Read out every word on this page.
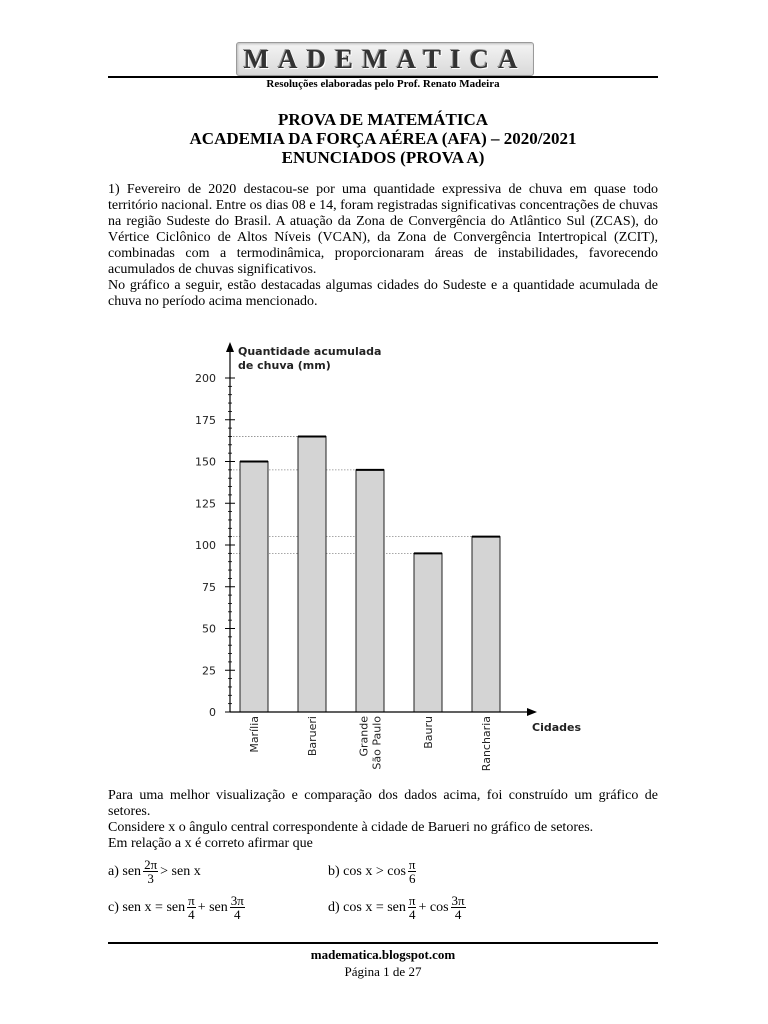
MADEMATICA
Resoluções elaboradas pelo Prof. Renato Madeira
PROVA DE MATEMÁTICA
ACADEMIA DA FORÇA AÉREA (AFA) – 2020/2021
ENUNCIADOS (PROVA A)

1) Fevereiro de 2020 destacou-se por uma quantidade expressiva de chuva em quase todo território nacional. Entre os dias 08 e 14, foram registradas significativas concentrações de chuvas na região Sudeste do Brasil. A atuação da Zona de Convergência do Atlântico Sul (ZCAS), do Vértice Ciclônico de Altos Níveis (VCAN), da Zona de Convergência Intertropical (ZCIT), combinadas com a termodinâmica, proporcionaram áreas de instabilidades, favorecendo acumulados de chuvas significativos.

No gráfico a seguir, estão destacadas algumas cidades do Sudeste e a quantidade acumulada de chuva no período acima mencionado.

0
25
50
75
100
125
150
175
200
Quantidade acumulada
de chuva (mm)
Cidades
Marília	Barueri	Grande São Paulo	Bauru	Rancharia

Para uma melhor visualização e comparação dos dados acima, foi construído um gráfico de setores.

Considere x o ângulo central correspondente à cidade de Barueri no gráfico de setores.

Em relação a x é correto afirmar que

a)
sen $\frac{2\pi}{3}$ > sen x	b)
$\cos x > \cos \frac{\pi}{6}$
c)
sen x = sen $\frac{\pi}{4}$ + sen $\frac{3\pi}{4}$	d)
cos x = sen $\frac{\pi}{4} + \cos \frac{3\pi}{4}$
madematica.blogspot.com
Página 1 de 27
